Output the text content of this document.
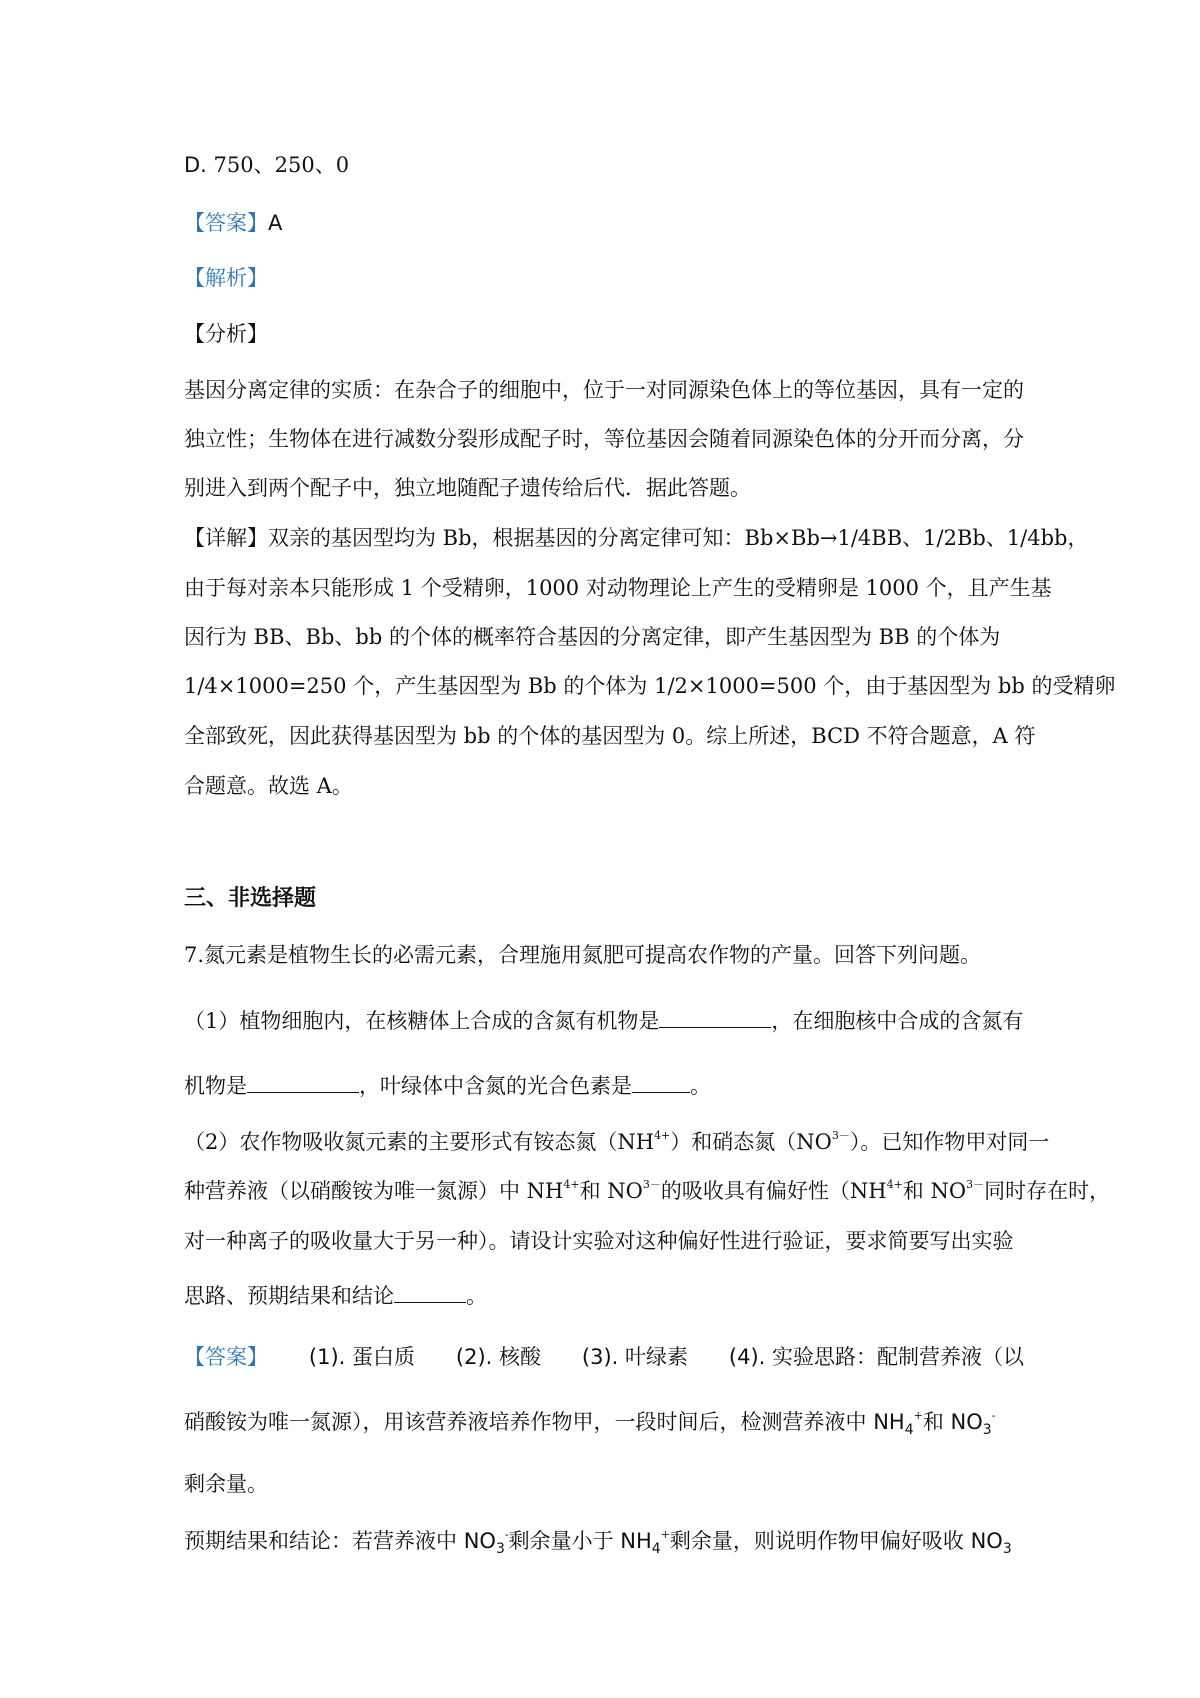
D. 750、250、0
【答案】A
【解析】
【分析】
基因分离定律的实质：在杂合子的细胞中，位于一对同源染色体上的等位基因，具有一定的
独立性；生物体在进行减数分裂形成配子时，等位基因会随着同源染色体的分开而分离，分
别进入到两个配子中，独立地随配子遗传给后代．据此答题。
【详解】双亲的基因型均为 Bb，根据基因的分离定律可知：Bb×Bb→1/4BB、1/2Bb、1/4bb，
由于每对亲本只能形成 1 个受精卵，1000 对动物理论上产生的受精卵是 1000 个，且产生基
因行为 BB、Bb、bb 的个体的概率符合基因的分离定律，即产生基因型为 BB 的个体为
1/4×1000=250 个，产生基因型为 Bb 的个体为 1/2×1000=500 个，由于基因型为 bb 的受精卵
全部致死，因此获得基因型为 bb 的个体的基因型为 0。综上所述，BCD 不符合题意，A 符
合题意。故选 A。
三、非选择题
7.氮元素是植物生长的必需元素，合理施用氮肥可提高农作物的产量。回答下列问题。
（1）植物细胞内，在核糖体上合成的含氮有机物是	，在细胞核中合成的含氮有
机物是	，叶绿体中含氮的光合色素是	。
（2）农作物吸收氮元素的主要形式有铵态氮$(NH^{4+})$和硝态氮$(NO^{3-})$。已知作物甲对同一
种营养液（以硝酸铵为唯一氮源）中 $NH^{4+}$和 $NO^{3-}$的吸收具有偏好性（$NH^{4+}$和 $NO^{3-}$同时存在时，
对一种离子的吸收量大于另一种）。请设计实验对这种偏好性进行验证，要求简要写出实验
思路、预期结果和结论	。
【答案】 (1). 蛋白质 (2). 核酸 (3). 叶绿素 (4). 实验思路：配制营养液（以
硝酸铵为唯一氮源），用该营养液培养作物甲，一段时间后，检测营养液中 $NH_4^+$和 $NO_3^-$
剩余量。
预期结果和结论：若营养液中 $NO_3^-$剩余量小于 $NH_4^+$剩余量，则说明作物甲偏好吸收 $NO_3$
